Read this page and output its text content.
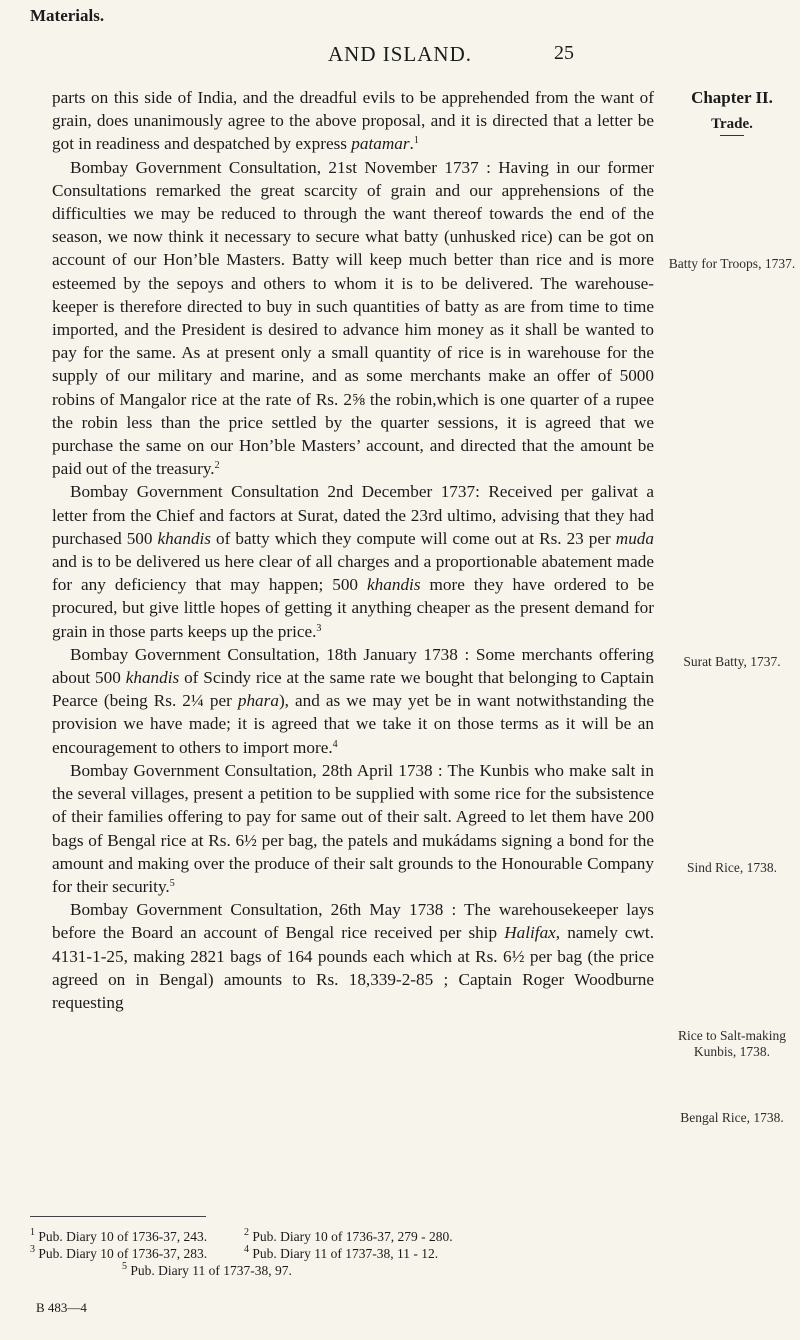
Materials.
AND ISLAND.	25
Chapter II.
Trade.
Batty for Troops, 1737.
Surat Batty, 1737.
Sind Rice, 1738.
Rice to Salt-making Kunbis, 1738.
Bengal Rice, 1738.

parts on this side of India, and the dreadful evils to be apprehended from the want of grain, does unanimously agree to the above proposal, and it is directed that a letter be got in readiness and despatched by express patamar.$^1$

Bombay Government Consultation, 21st November 1737 : Having in our former Consultations remarked the great scarcity of grain and our apprehensions of the difficulties we may be reduced to through the want thereof towards the end of the season, we now think it necessary to secure what batty (unhusked rice) can be got on account of our Hon’ble Masters. Batty will keep much better than rice and is more esteemed by the sepoys and others to whom it is to be delivered. The warehouse-keeper is therefore directed to buy in such quantities of batty as are from time to time imported, and the President is desired to advance him money as it shall be wanted to pay for the same. As at present only a small quantity of rice is in warehouse for the supply of our military and marine, and as some merchants make an offer of 5000 robins of Mangalor rice at the rate of Rs. 2⅝ the robin,which is one quarter of a rupee the robin less than the price settled by the quarter sessions, it is agreed that we purchase the same on our Hon’ble Masters’ account, and directed that the amount be paid out of the treasury.$^2$

Bombay Government Consultation 2nd December 1737: Received per galivat a letter from the Chief and factors at Surat, dated the 23rd ultimo, advising that they had purchased 500 khandis of batty which they compute will come out at Rs. 23 per muda and is to be delivered us here clear of all charges and a proportionable abatement made for any deficiency that may happen; 500 khandis more they have ordered to be procured, but give little hopes of getting it anything cheaper as the present demand for grain in those parts keeps up the price.$^3$

Bombay Government Consultation, 18th January 1738 : Some merchants offering about 500 khandis of Scindy rice at the same rate we bought that belonging to Captain Pearce (being Rs. 2¼ per phara), and as we may yet be in want notwithstanding the provision we have made; it is agreed that we take it on those terms as it will be an encouragement to others to import more.$^4$

Bombay Government Consultation, 28th April 1738 : The Kunbis who make salt in the several villages, present a petition to be supplied with some rice for the subsistence of their families offering to pay for same out of their salt. Agreed to let them have 200 bags of Bengal rice at Rs. 6½ per bag, the patels and mukádams signing a bond for the amount and making over the produce of their salt grounds to the Honourable Company for their security.$^5$

Bombay Government Consultation, 26th May 1738 : The warehousekeeper lays before the Board an account of Bengal rice received per ship Halifax, namely cwt. 4131-1-25, making 2821 bags of 164 pounds each which at Rs. 6½ per bag (the price agreed on in Bengal) amounts to Rs. 18,339-2-85 ; Captain Roger Woodburne requesting

$^1$ Pub. Diary 10 of 1736-37, 243.	$^2$ Pub. Diary 10 of 1736-37, 279 - 280.
$^3$ Pub. Diary 10 of 1736-37, 283.	$^4$ Pub. Diary 11 of 1737-38, 11 - 12.
$^5$ Pub. Diary 11 of 1737-38, 97.
B 483—4
